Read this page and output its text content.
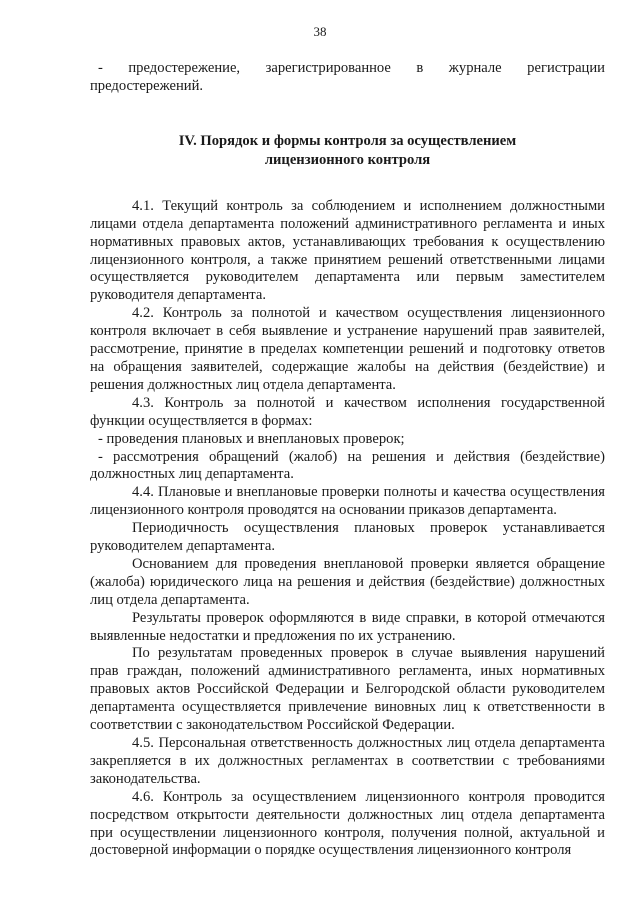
38

- предостережение, зарегистрированное в журнале регистрации предостережений.

IV. Порядок и формы контроля за осуществлением
лицензионного контроля

4.1. Текущий контроль за соблюдением и исполнением должностными лицами отдела департамента положений административного регламента и иных нормативных правовых актов, устанавливающих требования к осуществлению лицензионного контроля, а также принятием решений ответственными лицами осуществляется руководителем департамента или первым заместителем руководителя департамента.

4.2. Контроль за полнотой и качеством осуществления лицензионного контроля включает в себя выявление и устранение нарушений прав заявителей, рассмотрение, принятие в пределах компетенции решений и подготовку ответов на обращения заявителей, содержащие жалобы на действия (бездействие) и решения должностных лиц отдела департамента.

4.3. Контроль за полнотой и качеством исполнения государственной функции осуществляется в формах:

- проведения плановых и внеплановых проверок;

- рассмотрения обращений (жалоб) на решения и действия (бездействие) должностных лиц департамента.

4.4. Плановые и внеплановые проверки полноты и качества осуществления лицензионного контроля проводятся на основании приказов департамента.

Периодичность осуществления плановых проверок устанавливается руководителем департамента.

Основанием для проведения внеплановой проверки является обращение (жалоба) юридического лица на решения и действия (бездействие) должностных лиц отдела департамента.

Результаты проверок оформляются в виде справки, в которой отмечаются выявленные недостатки и предложения по их устранению.

По результатам проведенных проверок в случае выявления нарушений прав граждан, положений административного регламента, иных нормативных правовых актов Российской Федерации и Белгородской области руководителем департамента осуществляется привлечение виновных лиц к ответственности в соответствии с законодательством Российской Федерации.

4.5. Персональная ответственность должностных лиц отдела департамента закрепляется в их должностных регламентах в соответствии с требованиями законодательства.

4.6. Контроль за осуществлением лицензионного контроля проводится посредством открытости деятельности должностных лиц отдела департамента при осуществлении лицензионного контроля, получения полной, актуальной и достоверной информации о порядке осуществления лицензионного контроля
